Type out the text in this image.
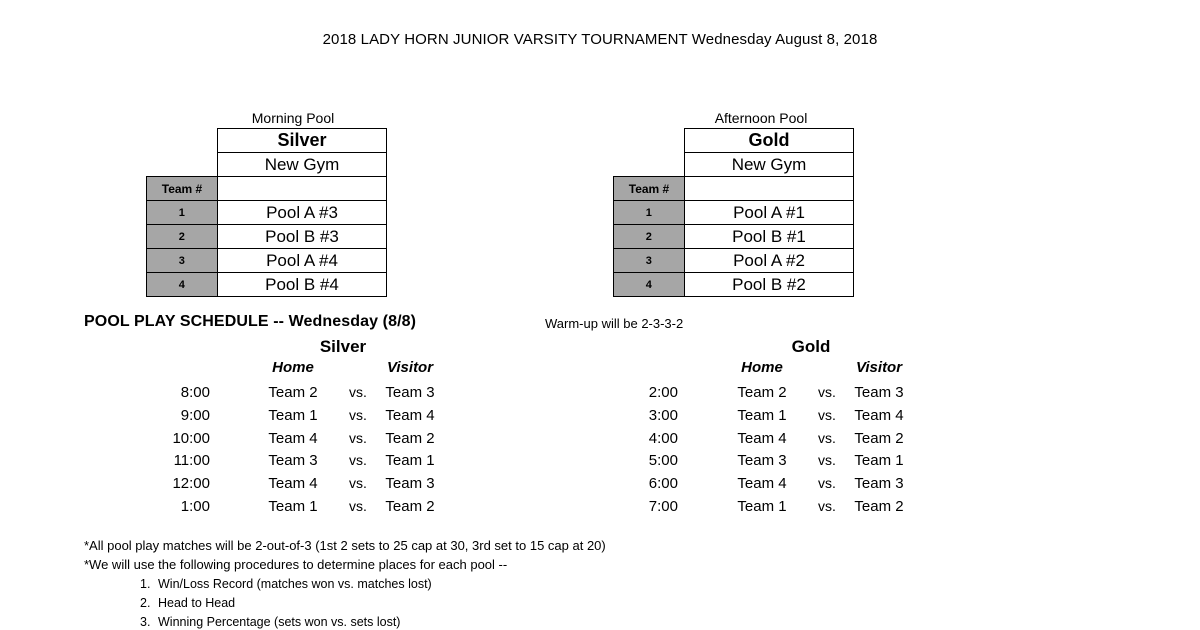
2018 LADY HORN JUNIOR VARSITY TOURNAMENT Wednesday August 8, 2018
Morning Pool
	Silver
	New Gym
Team #	
1	Pool A #3
2	Pool B #3
3	Pool A #4
4	Pool B #4
Afternoon Pool
	Gold
	New Gym
Team #	
1	Pool A #1
2	Pool B #1
3	Pool A #2
4	Pool B #2
POOL PLAY SCHEDULE -- Wednesday (8/8)	Warm-up will be 2-3-3-2
Silver	Gold
Home	Visitor	Home	Visitor
8:00	Team 2	vs.	Team 3
9:00	Team 1	vs.	Team 4
10:00	Team 4	vs.	Team 2
11:00	Team 3	vs.	Team 1
12:00	Team 4	vs.	Team 3
1:00	Team 1	vs.	Team 2
2:00	Team 2	vs.	Team 3
3:00	Team 1	vs.	Team 4
4:00	Team 4	vs.	Team 2
5:00	Team 3	vs.	Team 1
6:00	Team 4	vs.	Team 3
7:00	Team 1	vs.	Team 2
*All pool play matches will be 2-out-of-3 (1st 2 sets to 25 cap at 30, 3rd set to 15 cap at 20)
*We will use the following procedures to determine places for each pool --
1. Win/Loss Record (matches won vs. matches lost)
2. Head to Head
3. Winning Percentage (sets won vs. sets lost)
